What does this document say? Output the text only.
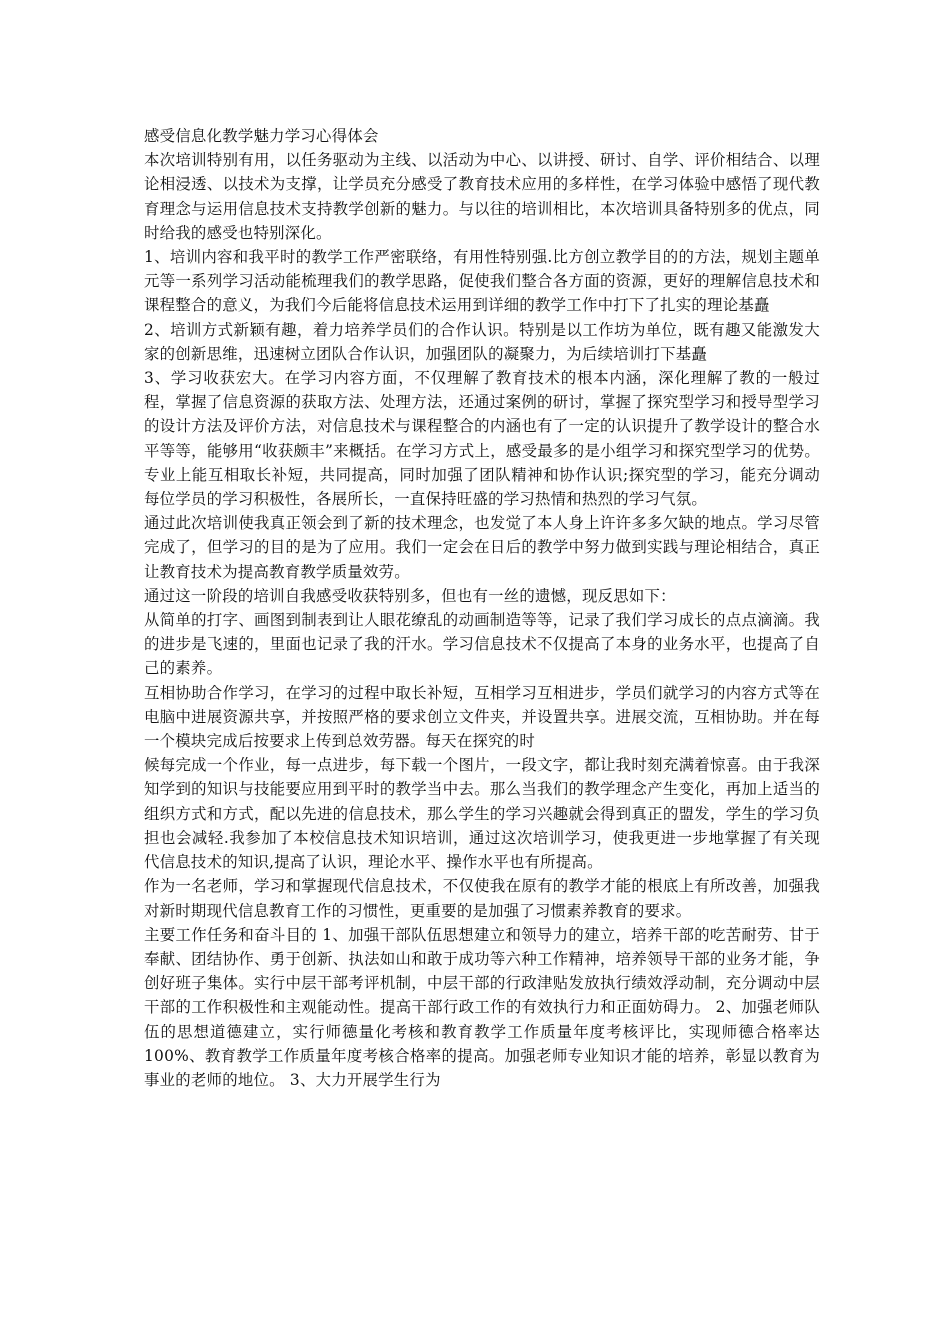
感受信息化教学魅力学习心得体会

本次培训特别有用，以任务驱动为主线、以活动为中心、以讲授、研讨、自学、评价相结合、以理论相浸透、以技术为支撑，让学员充分感受了教育技术应用的多样性，在学习体验中感悟了现代教育理念与运用信息技术支持教学创新的魅力。与以往的培训相比，本次培训具备特别多的优点，同时给我的感受也特别深化。

1、培训内容和我平时的教学工作严密联络，有用性特别强.比方创立教学目的的方法，规划主题单元等一系列学习活动能梳理我们的教学思路，促使我们整合各方面的资源，更好的理解信息技术和课程整合的意义，为我们今后能将信息技术运用到详细的教学工作中打下了扎实的理论基矗

2、培训方式新颖有趣，着力培养学员们的合作认识。特别是以工作坊为单位，既有趣又能激发大家的创新思维，迅速树立团队合作认识，加强团队的凝聚力，为后续培训打下基矗

3、学习收获宏大。在学习内容方面，不仅理解了教育技术的根本内涵，深化理解了教的一般过程，掌握了信息资源的获取方法、处理方法，还通过案例的研讨，掌握了探究型学习和授导型学习的设计方法及评价方法，对信息技术与课程整合的内涵也有了一定的认识提升了教学设计的整合水平等等，能够用“收获颇丰”来概括。在学习方式上，感受最多的是小组学习和探究型学习的优势。专业上能互相取长补短，共同提高，同时加强了团队精神和协作认识;探究型的学习，能充分调动每位学员的学习积极性，各展所长，一直保持旺盛的学习热情和热烈的学习气氛。

通过此次培训使我真正领会到了新的技术理念，也发觉了本人身上许许多多欠缺的地点。学习尽管完成了，但学习的目的是为了应用。我们一定会在日后的教学中努力做到实践与理论相结合，真正让教育技术为提高教育教学质量效劳。

通过这一阶段的培训自我感受收获特别多，但也有一丝的遗憾，现反思如下：

从简单的打字、画图到制表到让人眼花缭乱的动画制造等等，记录了我们学习成长的点点滴滴。我的进步是飞速的，里面也记录了我的汗水。学习信息技术不仅提高了本身的业务水平，也提高了自己的素养。

互相协助合作学习，在学习的过程中取长补短，互相学习互相进步，学员们就学习的内容方式等在电脑中进展资源共享，并按照严格的要求创立文件夹，并设置共享。进展交流，互相协助。并在每一个模块完成后按要求上传到总效劳器。每天在探究的时

候每完成一个作业，每一点进步，每下载一个图片，一段文字，都让我时刻充满着惊喜。由于我深知学到的知识与技能要应用到平时的教学当中去。那么当我们的教学理念产生变化，再加上适当的组织方式和方式，配以先进的信息技术，那么学生的学习兴趣就会得到真正的盟发，学生的学习负担也会减轻.我参加了本校信息技术知识培训，通过这次培训学习，使我更进一步地掌握了有关现代信息技术的知识,提高了认识，理论水平、操作水平也有所提高。

作为一名老师，学习和掌握现代信息技术，不仅使我在原有的教学才能的根底上有所改善，加强我对新时期现代信息教育工作的习惯性，更重要的是加强了习惯素养教育的要求。

主要工作任务和奋斗目的 1、加强干部队伍思想建立和领导力的建立，培养干部的吃苦耐劳、甘于奉献、团结协作、勇于创新、执法如山和敢于成功等六种工作精神，培养领导干部的业务才能，争创好班子集体。实行中层干部考评机制，中层干部的行政津贴发放执行绩效浮动制，充分调动中层干部的工作积极性和主观能动性。提高干部行政工作的有效执行力和正面妨碍力。 2、加强老师队伍的思想道德建立，实行师德量化考核和教育教学工作质量年度考核评比，实现师德合格率达 100%、教育教学工作质量年度考核合格率的提高。加强老师专业知识才能的培养，彰显以教育为事业的老师的地位。 3、大力开展学生行为
